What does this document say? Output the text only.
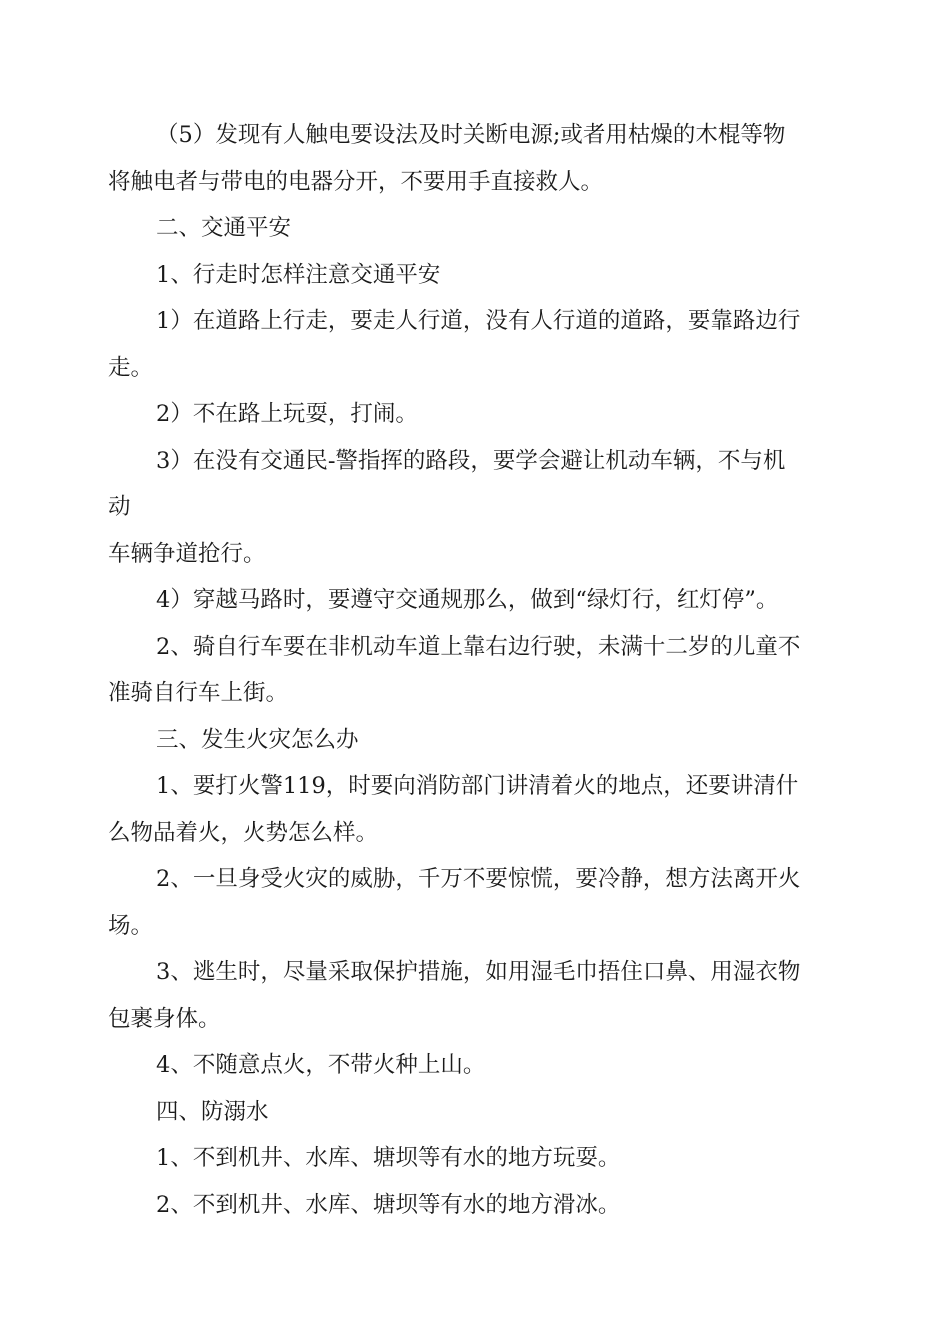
（5）发现有人触电要设法及时关断电源;或者用枯燥的木棍等物

将触电者与带电的电器分开，不要用手直接救人。

二、交通平安

1、行走时怎样注意交通平安

1）在道路上行走，要走人行道，没有人行道的道路，要靠路边行

走。

2）不在路上玩耍，打闹。

3）在没有交通民-警指挥的路段，要学会避让机动车辆，不与机

动

车辆争道抢行。

4）穿越马路时，要遵守交通规那么，做到“绿灯行，红灯停”。

2、骑自行车要在非机动车道上靠右边行驶，未满十二岁的儿童不

准骑自行车上街。

三、发生火灾怎么办

1、要打火警119，时要向消防部门讲清着火的地点，还要讲清什

么物品着火，火势怎么样。

2、一旦身受火灾的威胁，千万不要惊慌，要冷静，想方法离开火

场。

3、逃生时，尽量采取保护措施，如用湿毛巾捂住口鼻、用湿衣物

包裹身体。

4、不随意点火，不带火种上山。

四、防溺水

1、不到机井、水库、塘坝等有水的地方玩耍。

2、不到机井、水库、塘坝等有水的地方滑冰。
